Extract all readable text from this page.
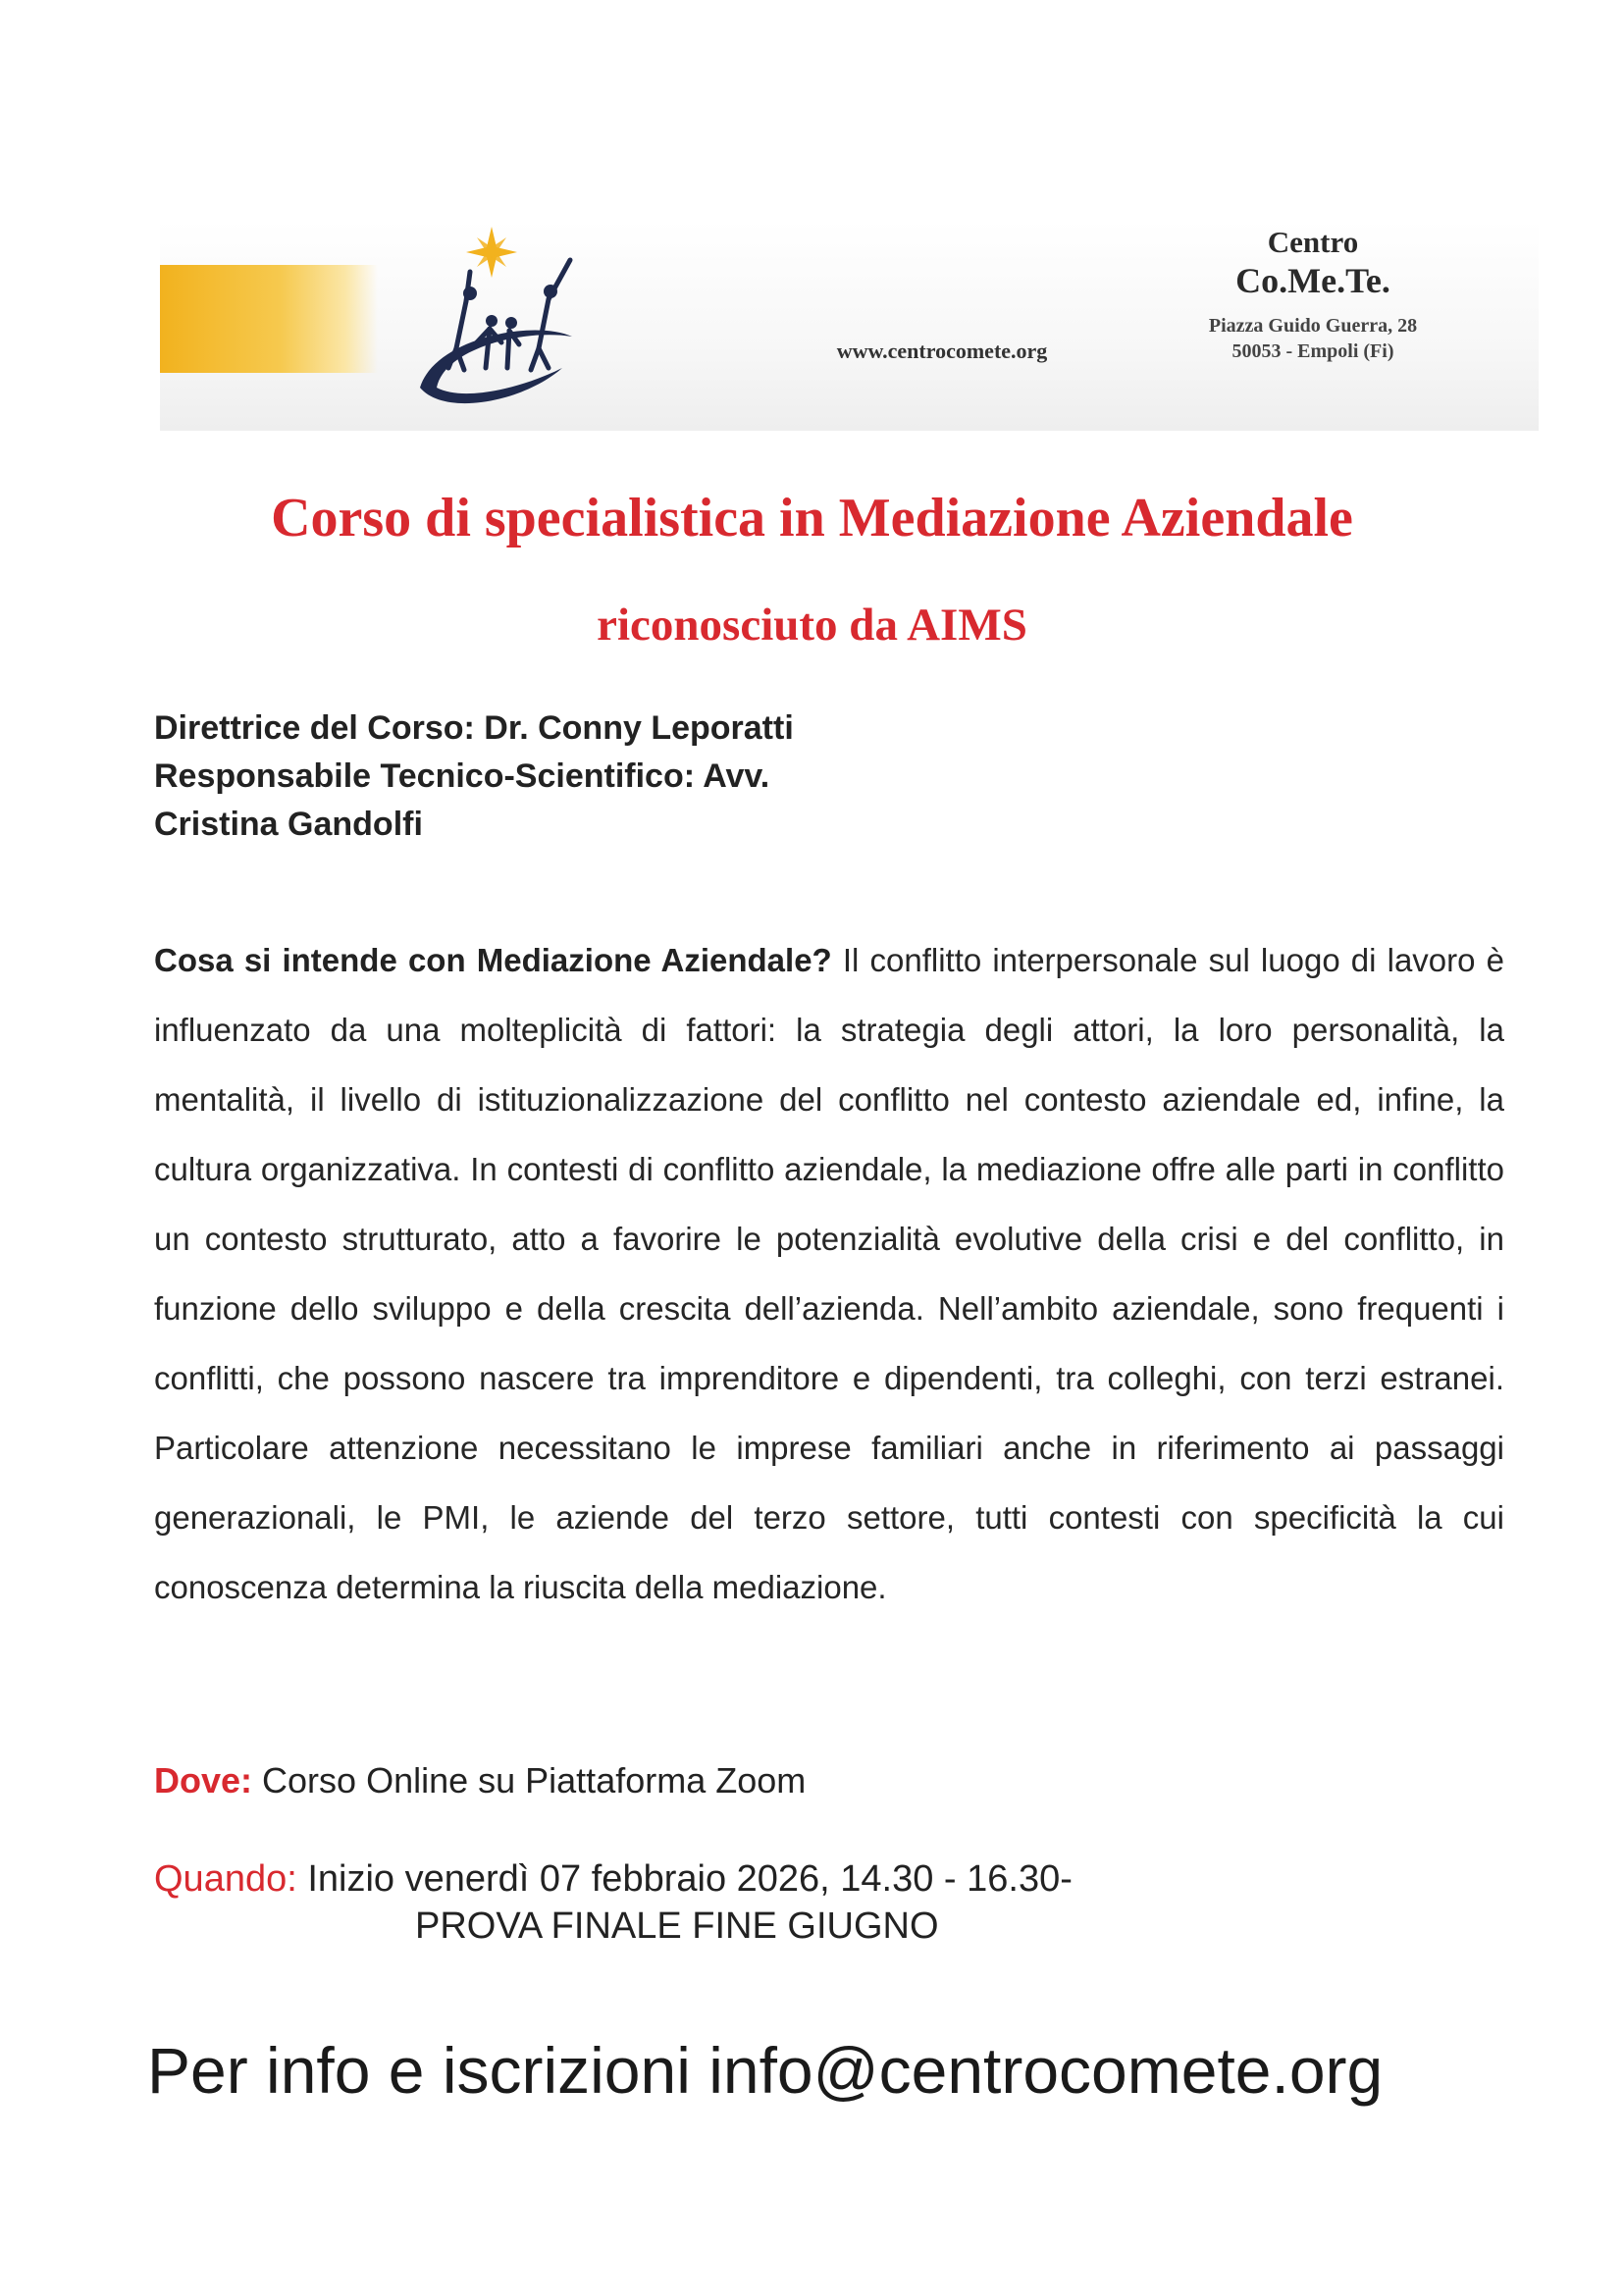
www.centrocomete.org
Centro
Co.Me.Te.
Piazza Guido Guerra, 28
50053 - Empoli (Fi)
Corso di specialistica in Mediazione Aziendale
riconosciuto da AIMS
Direttrice del Corso: Dr. Conny Leporatti
Responsabile Tecnico-Scientifico: Avv.
Cristina Gandolfi
Cosa si intende con Mediazione Aziendale? Il conflitto interpersonale sul luogo di lavoro è influenzato da una molteplicità di fattori: la strategia degli attori, la loro personalità, la mentalità, il livello di istituzionalizzazione del conflitto nel contesto aziendale ed, infine, la cultura organizzativa. In contesti di conflitto aziendale, la mediazione offre alle parti in conflitto un contesto strutturato, atto a favorire le potenzialità evolutive della crisi e del conflitto, in funzione dello sviluppo e della crescita dell’azienda. Nell’ambito aziendale, sono frequenti i conflitti, che possono nascere tra imprenditore e dipendenti, tra colleghi, con terzi estranei. Particolare attenzione necessitano le imprese familiari anche in riferimento ai passaggi generazionali, le PMI, le aziende del terzo settore, tutti contesti con specificità la cui conoscenza determina la riuscita della mediazione.
Dove: Corso Online su Piattaforma Zoom
Quando: Inizio venerdì 07 febbraio 2026, 14.30 - 16.30-
PROVA FINALE FINE GIUGNO
Per info e iscrizioni info@centrocomete.org
